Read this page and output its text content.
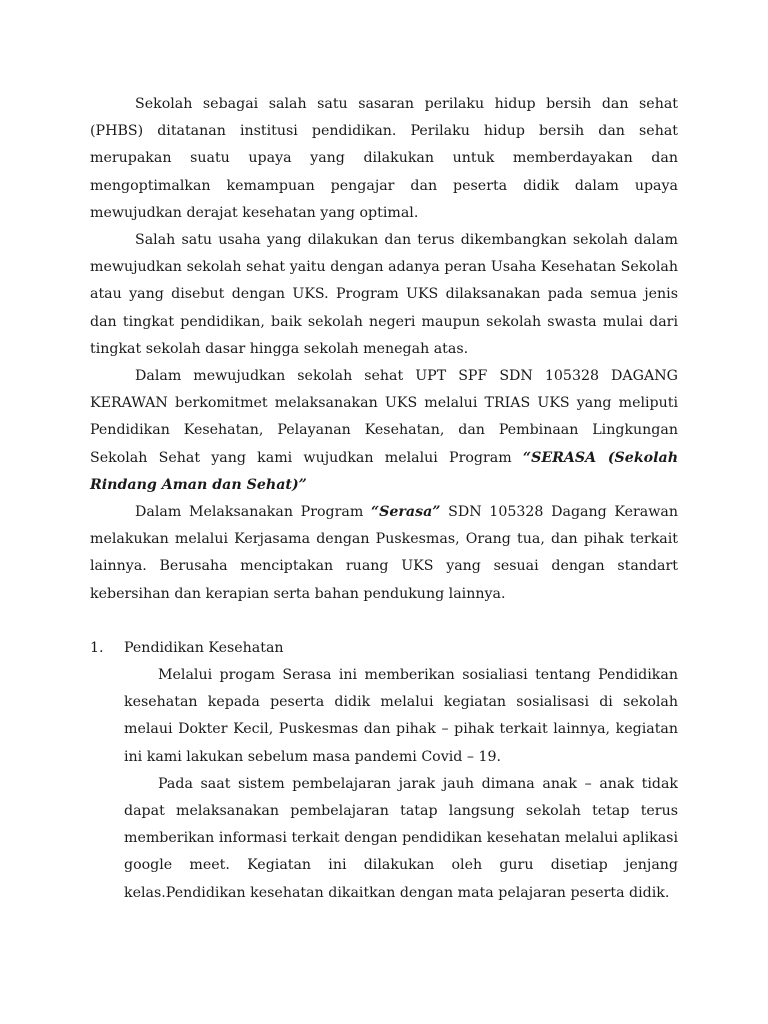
Sekolah sebagai salah satu sasaran perilaku hidup bersih dan sehat (PHBS) ditatanan institusi pendidikan. Perilaku hidup bersih dan sehat merupakan suatu upaya yang dilakukan untuk memberdayakan dan mengoptimalkan kemampuan pengajar dan peserta didik dalam upaya mewujudkan derajat kesehatan yang optimal.

Salah satu usaha yang dilakukan dan terus dikembangkan sekolah dalam mewujudkan sekolah sehat yaitu dengan adanya peran Usaha Kesehatan Sekolah atau yang disebut dengan UKS. Program UKS dilaksanakan pada semua jenis dan tingkat pendidikan, baik sekolah negeri maupun sekolah swasta mulai dari tingkat sekolah dasar hingga sekolah menegah atas.

Dalam mewujudkan sekolah sehat UPT SPF SDN 105328 DAGANG KERAWAN berkomitmet melaksanakan UKS melalui TRIAS UKS yang meliputi Pendidikan Kesehatan, Pelayanan Kesehatan, dan Pembinaan Lingkungan Sekolah Sehat yang kami wujudkan melalui Program “SERASA (Sekolah Rindang Aman dan Sehat)”

Dalam Melaksanakan Program “Serasa” SDN 105328 Dagang Kerawan melakukan melalui Kerjasama dengan Puskesmas, Orang tua, dan pihak terkait lainnya. Berusaha menciptakan ruang UKS yang sesuai dengan standart kebersihan dan kerapian serta bahan pendukung lainnya.

1. Pendidikan Kesehatan

Melalui progam Serasa ini memberikan sosialiasi tentang Pendidikan kesehatan kepada peserta didik melalui kegiatan sosialisasi di sekolah melaui Dokter Kecil, Puskesmas dan pihak – pihak terkait lainnya, kegiatan ini kami lakukan sebelum masa pandemi Covid – 19.

Pada saat sistem pembelajaran jarak jauh dimana anak – anak tidak dapat melaksanakan pembelajaran tatap langsung sekolah tetap terus memberikan informasi terkait dengan pendidikan kesehatan melalui aplikasi google meet. Kegiatan ini dilakukan oleh guru disetiap jenjang kelas.Pendidikan kesehatan dikaitkan dengan mata pelajaran peserta didik.
